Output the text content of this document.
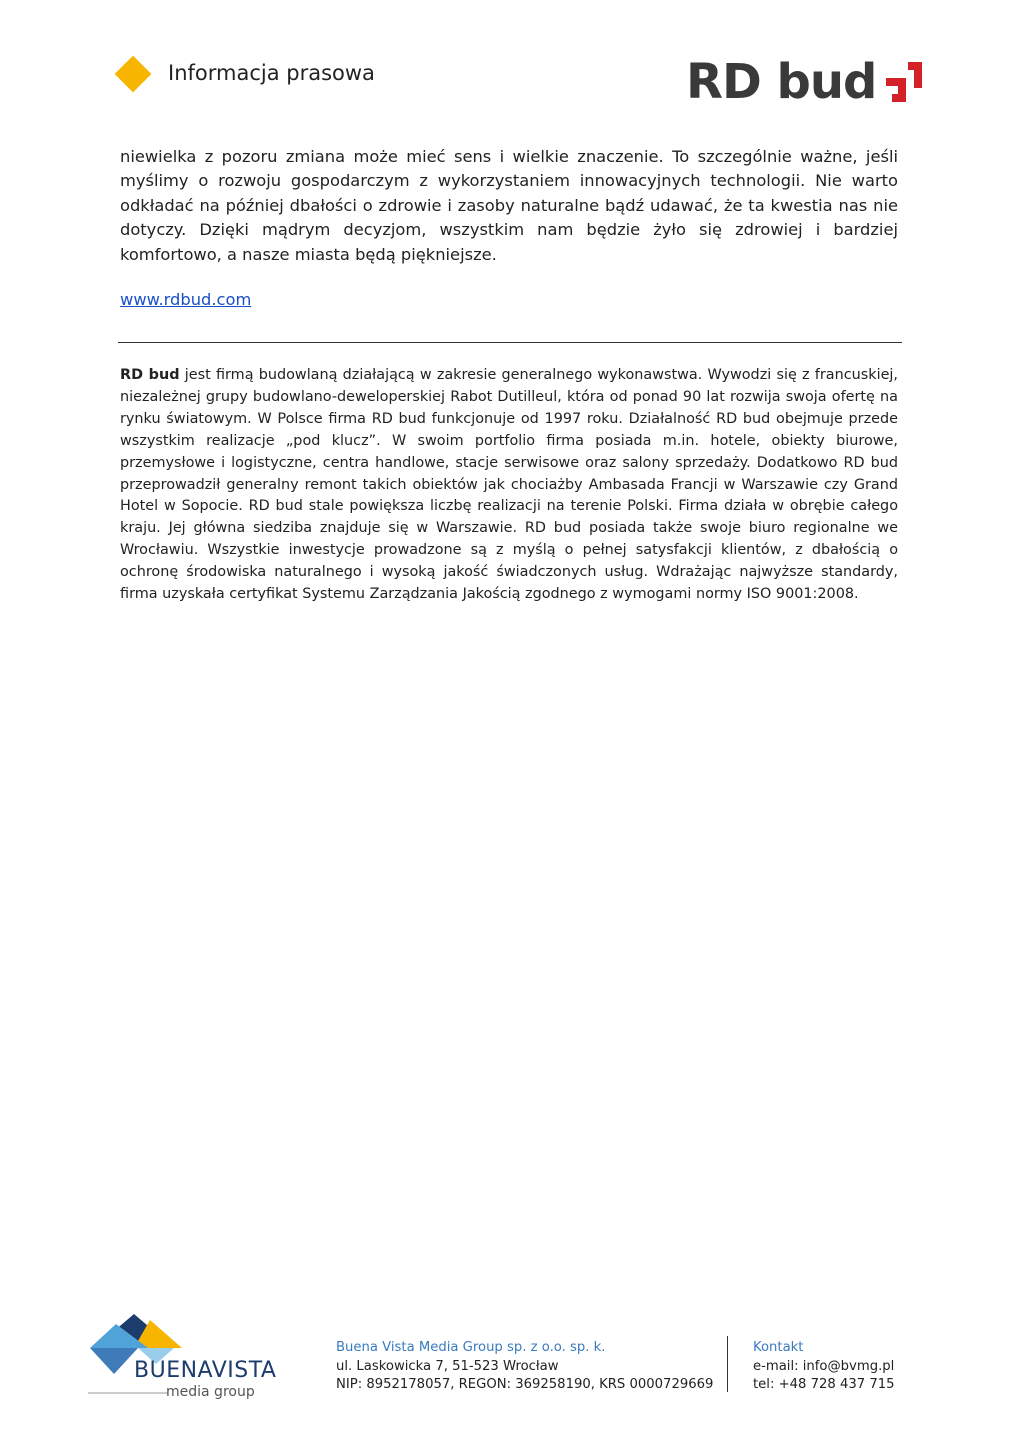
Informacja prasowa	RD bud

niewielka z pozoru zmiana może mieć sens i wielkie znaczenie. To szczególnie ważne, jeśli myślimy o rozwoju gospodarczym z wykorzystaniem innowacyjnych technologii. Nie warto odkładać na później dbałości o zdrowie i zasoby naturalne bądź udawać, że ta kwestia nas nie dotyczy. Dzięki mądrym decyzjom, wszystkim nam będzie żyło się zdrowiej i bardziej komfortowo, a nasze miasta będą piękniejsze.

www.rdbud.com

RD bud jest firmą budowlaną działającą w zakresie generalnego wykonawstwa. Wywodzi się z francuskiej, niezależnej grupy budowlano-deweloperskiej Rabot Dutilleul, która od ponad 90 lat rozwija swoja ofertę na rynku światowym. W Polsce firma RD bud funkcjonuje od 1997 roku. Działalność RD bud obejmuje przede wszystkim realizacje „pod klucz”. W swoim portfolio firma posiada m.in. hotele, obiekty biurowe, przemysłowe i logistyczne, centra handlowe, stacje serwisowe oraz salony sprzedaży. Dodatkowo RD bud przeprowadził generalny remont takich obiektów jak chociażby Ambasada Francji w Warszawie czy Grand Hotel w Sopocie. RD bud stale powiększa liczbę realizacji na terenie Polski. Firma działa w obrębie całego kraju. Jej główna siedziba znajduje się w Warszawie. RD bud posiada także swoje biuro regionalne we Wrocławiu. Wszystkie inwestycje prowadzone są z myślą o pełnej satysfakcji klientów, z dbałością o ochronę środowiska naturalnego i wysoką jakość świadczonych usług. Wdrażając najwyższe standardy, firma uzyskała certyfikat Systemu Zarządzania Jakością zgodnego z wymogami normy ISO 9001:2008.

BUENAVISTA
media group
Buena Vista Media Group sp. z o.o. sp. k.
ul. Laskowicka 7, 51-523 Wrocław
NIP: 8952178057, REGON: 369258190, KRS 0000729669
Kontakt
e-mail: info@bvmg.pl
tel: +48 728 437 715
